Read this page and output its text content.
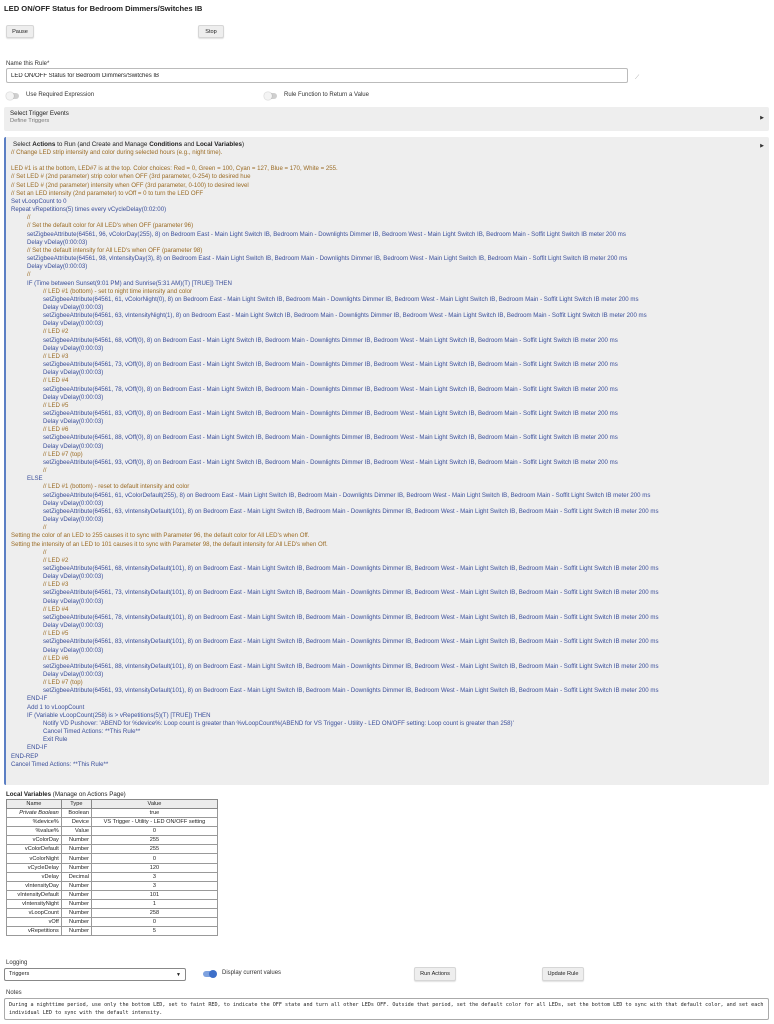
LED ON/OFF Status for Bedroom Dimmers/Switches IB
Pause	Stop
Name this Rule*
LED ON/OFF Status for Bedroom Dimmers/Switches IB
⟋
Use Required Expression	Rule Function to Return a Value
Select Trigger Events
Define Triggers	▶
Select Actions to Run (and Create and Manage Conditions and Local Variables)	▶
// Change LED strip intensity and color during selected hours (e.g., night time).
LED #1 is at the bottom, LED#7 is at the top. Color choices: Red = 0, Green = 100, Cyan = 127, Blue = 170, White = 255.
// Set LED # (2nd parameter) strip color when OFF (3rd parameter, 0-254) to desired hue
// Set LED # (2nd parameter) intensity when OFF (3rd parameter, 0-100) to desired level
// Set an LED intensity (2nd parameter) to vOff = 0 to turn the LED OFF
Set vLoopCount to 0
Repeat vRepetitions(5) times every vCycleDelay(0:02:00)
//
// Set the default color for All LED's when OFF (parameter 96)
setZigbeeAttribute(64561, 96, vColorDay(255), 8) on Bedroom East - Main Light Switch IB, Bedroom Main - Downlights Dimmer IB, Bedroom West - Main Light Switch IB, Bedroom Main - Soffit Light Switch IB meter 200 ms
Delay vDelay(0:00:03)
// Set the default intensity for All LED's when OFF (parameter 98)
setZigbeeAttribute(64561, 98, vIntensityDay(3), 8) on Bedroom East - Main Light Switch IB, Bedroom Main - Downlights Dimmer IB, Bedroom West - Main Light Switch IB, Bedroom Main - Soffit Light Switch IB meter 200 ms
Delay vDelay(0:00:03)
//
IF (Time between Sunset(9:01 PM) and Sunrise(5:31 AM)(T) [TRUE]) THEN
// LED #1 (bottom) - set to night time intensity and color
setZigbeeAttribute(64561, 61, vColorNight(0), 8) on Bedroom East - Main Light Switch IB, Bedroom Main - Downlights Dimmer IB, Bedroom West - Main Light Switch IB, Bedroom Main - Soffit Light Switch IB meter 200 ms
Delay vDelay(0:00:03)
setZigbeeAttribute(64561, 63, vIntensityNight(1), 8) on Bedroom East - Main Light Switch IB, Bedroom Main - Downlights Dimmer IB, Bedroom West - Main Light Switch IB, Bedroom Main - Soffit Light Switch IB meter 200 ms
Delay vDelay(0:00:03)
// LED #2
setZigbeeAttribute(64561, 68, vOff(0), 8) on Bedroom East - Main Light Switch IB, Bedroom Main - Downlights Dimmer IB, Bedroom West - Main Light Switch IB, Bedroom Main - Soffit Light Switch IB meter 200 ms
Delay vDelay(0:00:03)
// LED #3
setZigbeeAttribute(64561, 73, vOff(0), 8) on Bedroom East - Main Light Switch IB, Bedroom Main - Downlights Dimmer IB, Bedroom West - Main Light Switch IB, Bedroom Main - Soffit Light Switch IB meter 200 ms
Delay vDelay(0:00:03)
// LED #4
setZigbeeAttribute(64561, 78, vOff(0), 8) on Bedroom East - Main Light Switch IB, Bedroom Main - Downlights Dimmer IB, Bedroom West - Main Light Switch IB, Bedroom Main - Soffit Light Switch IB meter 200 ms
Delay vDelay(0:00:03)
// LED #5
setZigbeeAttribute(64561, 83, vOff(0), 8) on Bedroom East - Main Light Switch IB, Bedroom Main - Downlights Dimmer IB, Bedroom West - Main Light Switch IB, Bedroom Main - Soffit Light Switch IB meter 200 ms
Delay vDelay(0:00:03)
// LED #6
setZigbeeAttribute(64561, 88, vOff(0), 8) on Bedroom East - Main Light Switch IB, Bedroom Main - Downlights Dimmer IB, Bedroom West - Main Light Switch IB, Bedroom Main - Soffit Light Switch IB meter 200 ms
Delay vDelay(0:00:03)
// LED #7 (top)
setZigbeeAttribute(64561, 93, vOff(0), 8) on Bedroom East - Main Light Switch IB, Bedroom Main - Downlights Dimmer IB, Bedroom West - Main Light Switch IB, Bedroom Main - Soffit Light Switch IB meter 200 ms
//
ELSE
// LED #1 (bottom) - reset to default intensity and color
setZigbeeAttribute(64561, 61, vColorDefault(255), 8) on Bedroom East - Main Light Switch IB, Bedroom Main - Downlights Dimmer IB, Bedroom West - Main Light Switch IB, Bedroom Main - Soffit Light Switch IB meter 200 ms
Delay vDelay(0:00:03)
setZigbeeAttribute(64561, 63, vIntensityDefault(101), 8) on Bedroom East - Main Light Switch IB, Bedroom Main - Downlights Dimmer IB, Bedroom West - Main Light Switch IB, Bedroom Main - Soffit Light Switch IB meter 200 ms
Delay vDelay(0:00:03)
//
Setting the color of an LED to 255 causes it to sync with Parameter 96, the default color for All LED's when Off.
Setting the intensity of an LED to 101 causes it to sync with Parameter 98, the default intensity for All LED's when Off.
//
// LED #2
setZigbeeAttribute(64561, 68, vIntensityDefault(101), 8) on Bedroom East - Main Light Switch IB, Bedroom Main - Downlights Dimmer IB, Bedroom West - Main Light Switch IB, Bedroom Main - Soffit Light Switch IB meter 200 ms
Delay vDelay(0:00:03)
// LED #3
setZigbeeAttribute(64561, 73, vIntensityDefault(101), 8) on Bedroom East - Main Light Switch IB, Bedroom Main - Downlights Dimmer IB, Bedroom West - Main Light Switch IB, Bedroom Main - Soffit Light Switch IB meter 200 ms
Delay vDelay(0:00:03)
// LED #4
setZigbeeAttribute(64561, 78, vIntensityDefault(101), 8) on Bedroom East - Main Light Switch IB, Bedroom Main - Downlights Dimmer IB, Bedroom West - Main Light Switch IB, Bedroom Main - Soffit Light Switch IB meter 200 ms
Delay vDelay(0:00:03)
// LED #5
setZigbeeAttribute(64561, 83, vIntensityDefault(101), 8) on Bedroom East - Main Light Switch IB, Bedroom Main - Downlights Dimmer IB, Bedroom West - Main Light Switch IB, Bedroom Main - Soffit Light Switch IB meter 200 ms
Delay vDelay(0:00:03)
// LED #6
setZigbeeAttribute(64561, 88, vIntensityDefault(101), 8) on Bedroom East - Main Light Switch IB, Bedroom Main - Downlights Dimmer IB, Bedroom West - Main Light Switch IB, Bedroom Main - Soffit Light Switch IB meter 200 ms
Delay vDelay(0:00:03)
// LED #7 (top)
setZigbeeAttribute(64561, 93, vIntensityDefault(101), 8) on Bedroom East - Main Light Switch IB, Bedroom Main - Downlights Dimmer IB, Bedroom West - Main Light Switch IB, Bedroom Main - Soffit Light Switch IB meter 200 ms
END-IF
Add 1 to vLoopCount
IF (Variable vLoopCount(258) is > vRepetitions(5)(T) [TRUE]) THEN
Notify VD Pushover: 'ABEND for %device%: Loop count is greater than %vLoopCount%(ABEND for VS Trigger - Utility - LED ON/OFF setting: Loop count is greater than 258)'
Cancel Timed Actions: **This Rule**
Exit Rule
END-IF
END-REP
Cancel Timed Actions: **This Rule**
Local Variables (Manage on Actions Page)
Name	Type	Value
Private Boolean	Boolean	true
%device%	Device	VS Trigger - Utility - LED ON/OFF setting
%value%	Value	0
vColorDay	Number	255
vColorDefault	Number	255
vColorNight	Number	0
vCycleDelay	Number	120
vDelay	Decimal	3
vIntensityDay	Number	3
vIntensityDefault	Number	101
vIntensityNight	Number	1
vLoopCount	Number	258
vOff	Number	0
vRepetitions	Number	5
Logging
Triggers	▼	Display current values	Run Actions	Update Rule
Notes
During a nighttime period, use only the bottom LED, set to faint RED, to indicate the OFF state and turn all other LEDs OFF. Outside that period, set the default color for all LEDs, set the bottom LED to sync with that default color, and set each individual LED to sync with the default intensity.
